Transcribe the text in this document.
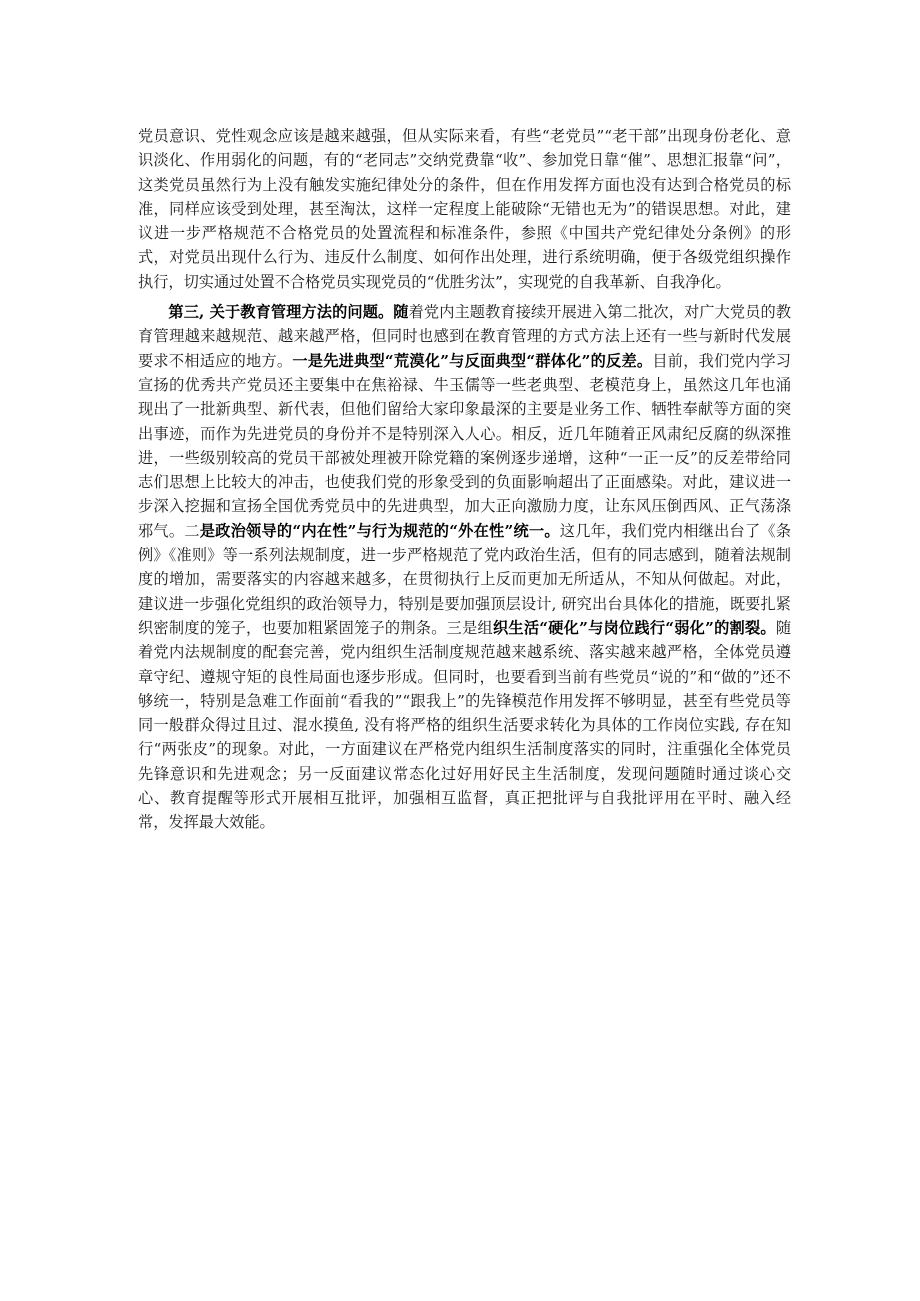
党员意识、党性观念应该是越来越强，但从实际来看，有些“老党员”“老干部”出现身份老化、意识淡化、作用弱化的问题，有的“老同志”交纳党费靠“收”、参加党日靠“催”、思想汇报靠“问”，这类党员虽然行为上没有触发实施纪律处分的条件，但在作用发挥方面也没有达到合格党员的标准，同样应该受到处理，甚至淘汰，这样一定程度上能破除“无错也无为”的错误思想。对此，建议进一步严格规范不合格党员的处置流程和标准条件，参照《中国共产党纪律处分条例》的形式，对党员出现什么行为、违反什么制度、如何作出处理，进行系统明确，便于各级党组织操作执行，切实通过处置不合格党员实现党员的“优胜劣汰”，实现党的自我革新、自我净化。

第三, 关于教育管理方法的问题。随着党内主题教育接续开展进入第二批次，对广大党员的教育管理越来越规范、越来越严格，但同时也感到在教育管理的方式方法上还有一些与新时代发展要求不相适应的地方。一是先进典型“荒漠化”与反面典型“群体化”的反差。目前，我们党内学习宣扬的优秀共产党员还主要集中在焦裕禄、牛玉儒等一些老典型、老模范身上，虽然这几年也涌现出了一批新典型、新代表，但他们留给大家印象最深的主要是业务工作、牺牲奉献等方面的突出事迹，而作为先进党员的身份并不是特别深入人心。相反，近几年随着正风肃纪反腐的纵深推进，一些级别较高的党员干部被处理被开除党籍的案例逐步递增，这种“一正一反”的反差带给同志们思想上比较大的冲击，也使我们党的形象受到的负面影响超出了正面感染。对此，建议进一步深入挖掘和宣扬全国优秀党员中的先进典型，加大正向激励力度，让东风压倒西风、正气荡涤邪气。二是政治领导的“内在性”与行为规范的“外在性”统一。这几年，我们党内相继出台了《条例》《准则》等一系列法规制度，进一步严格规范了党内政治生活，但有的同志感到，随着法规制度的增加，需要落实的内容越来越多，在贯彻执行上反而更加无所适从，不知从何做起。对此，建议进一步强化党组织的政治领导力，特别是要加强顶层设计, 研究出台具体化的措施，既要扎紧织密制度的笼子，也要加粗紧固笼子的荆条。三是组织生活“硬化”与岗位践行“弱化”的割裂。随着党内法规制度的配套完善，党内组织生活制度规范越来越系统、落实越来越严格，全体党员遵章守纪、遵规守矩的良性局面也逐步形成。但同时，也要看到当前有些党员“说的”和“做的”还不够统一，特别是急难工作面前“看我的”“跟我上”的先锋模范作用发挥不够明显，甚至有些党员等同一般群众得过且过、混水摸鱼, 没有将严格的组织生活要求转化为具体的工作岗位实践, 存在知行“两张皮”的现象。对此，一方面建议在严格党内组织生活制度落实的同时，注重强化全体党员先锋意识和先进观念；另一反面建议常态化过好用好民主生活制度，发现问题随时通过谈心交心、教育提醒等形式开展相互批评，加强相互监督，真正把批评与自我批评用在平时、融入经常，发挥最大效能。
